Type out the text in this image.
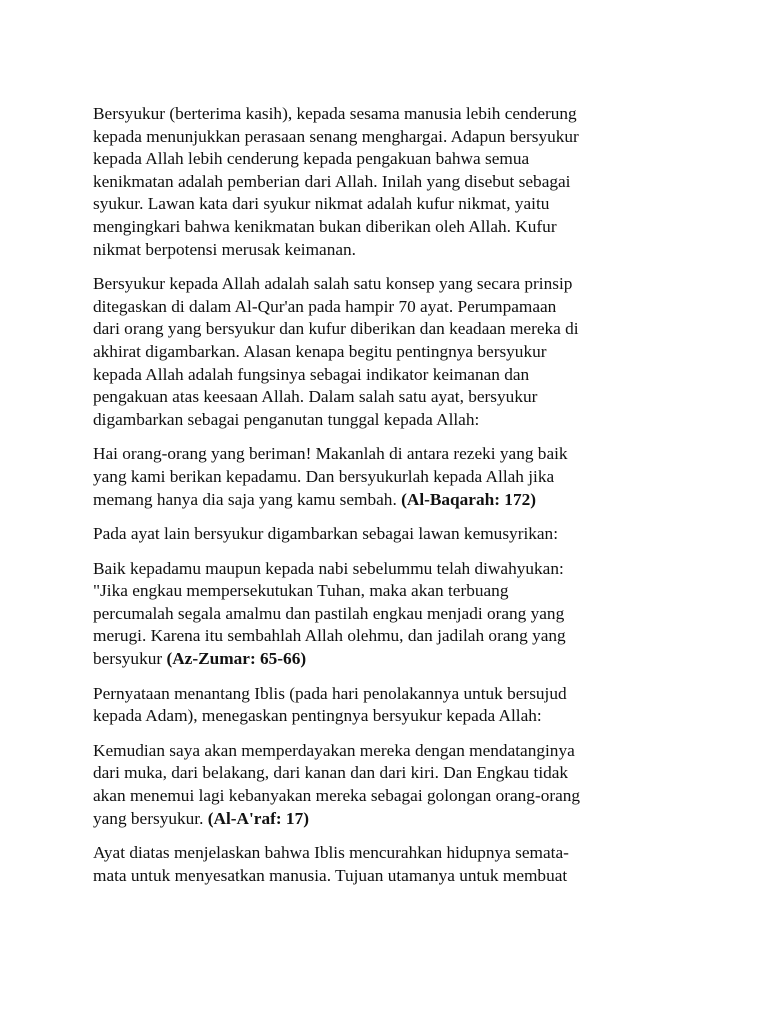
Bersyukur (berterima kasih), kepada sesama manusia lebih cenderung
kepada menunjukkan perasaan senang menghargai. Adapun bersyukur
kepada Allah lebih cenderung kepada pengakuan bahwa semua
kenikmatan adalah pemberian dari Allah. Inilah yang disebut sebagai
syukur. Lawan kata dari syukur nikmat adalah kufur nikmat, yaitu
mengingkari bahwa kenikmatan bukan diberikan oleh Allah. Kufur
nikmat berpotensi merusak keimanan.

Bersyukur kepada Allah adalah salah satu konsep yang secara prinsip
ditegaskan di dalam Al-Qur'an pada hampir 70 ayat. Perumpamaan
dari orang yang bersyukur dan kufur diberikan dan keadaan mereka di
akhirat digambarkan. Alasan kenapa begitu pentingnya bersyukur
kepada Allah adalah fungsinya sebagai indikator keimanan dan
pengakuan atas keesaan Allah. Dalam salah satu ayat, bersyukur
digambarkan sebagai penganutan tunggal kepada Allah:

Hai orang-orang yang beriman! Makanlah di antara rezeki yang baik
yang kami berikan kepadamu. Dan bersyukurlah kepada Allah jika
memang hanya dia saja yang kamu sembah. (Al-Baqarah: 172)

Pada ayat lain bersyukur digambarkan sebagai lawan kemusyrikan:

Baik kepadamu maupun kepada nabi sebelummu telah diwahyukan:
"Jika engkau mempersekutukan Tuhan, maka akan terbuang
percumalah segala amalmu dan pastilah engkau menjadi orang yang
merugi. Karena itu sembahlah Allah olehmu, dan jadilah orang yang
bersyukur (Az-Zumar: 65-66)

Pernyataan menantang Iblis (pada hari penolakannya untuk bersujud
kepada Adam), menegaskan pentingnya bersyukur kepada Allah:

Kemudian saya akan memperdayakan mereka dengan mendatanginya
dari muka, dari belakang, dari kanan dan dari kiri. Dan Engkau tidak
akan menemui lagi kebanyakan mereka sebagai golongan orang-orang
yang bersyukur. (Al-A'raf: 17)

Ayat diatas menjelaskan bahwa Iblis mencurahkan hidupnya semata-
mata untuk menyesatkan manusia. Tujuan utamanya untuk membuat
